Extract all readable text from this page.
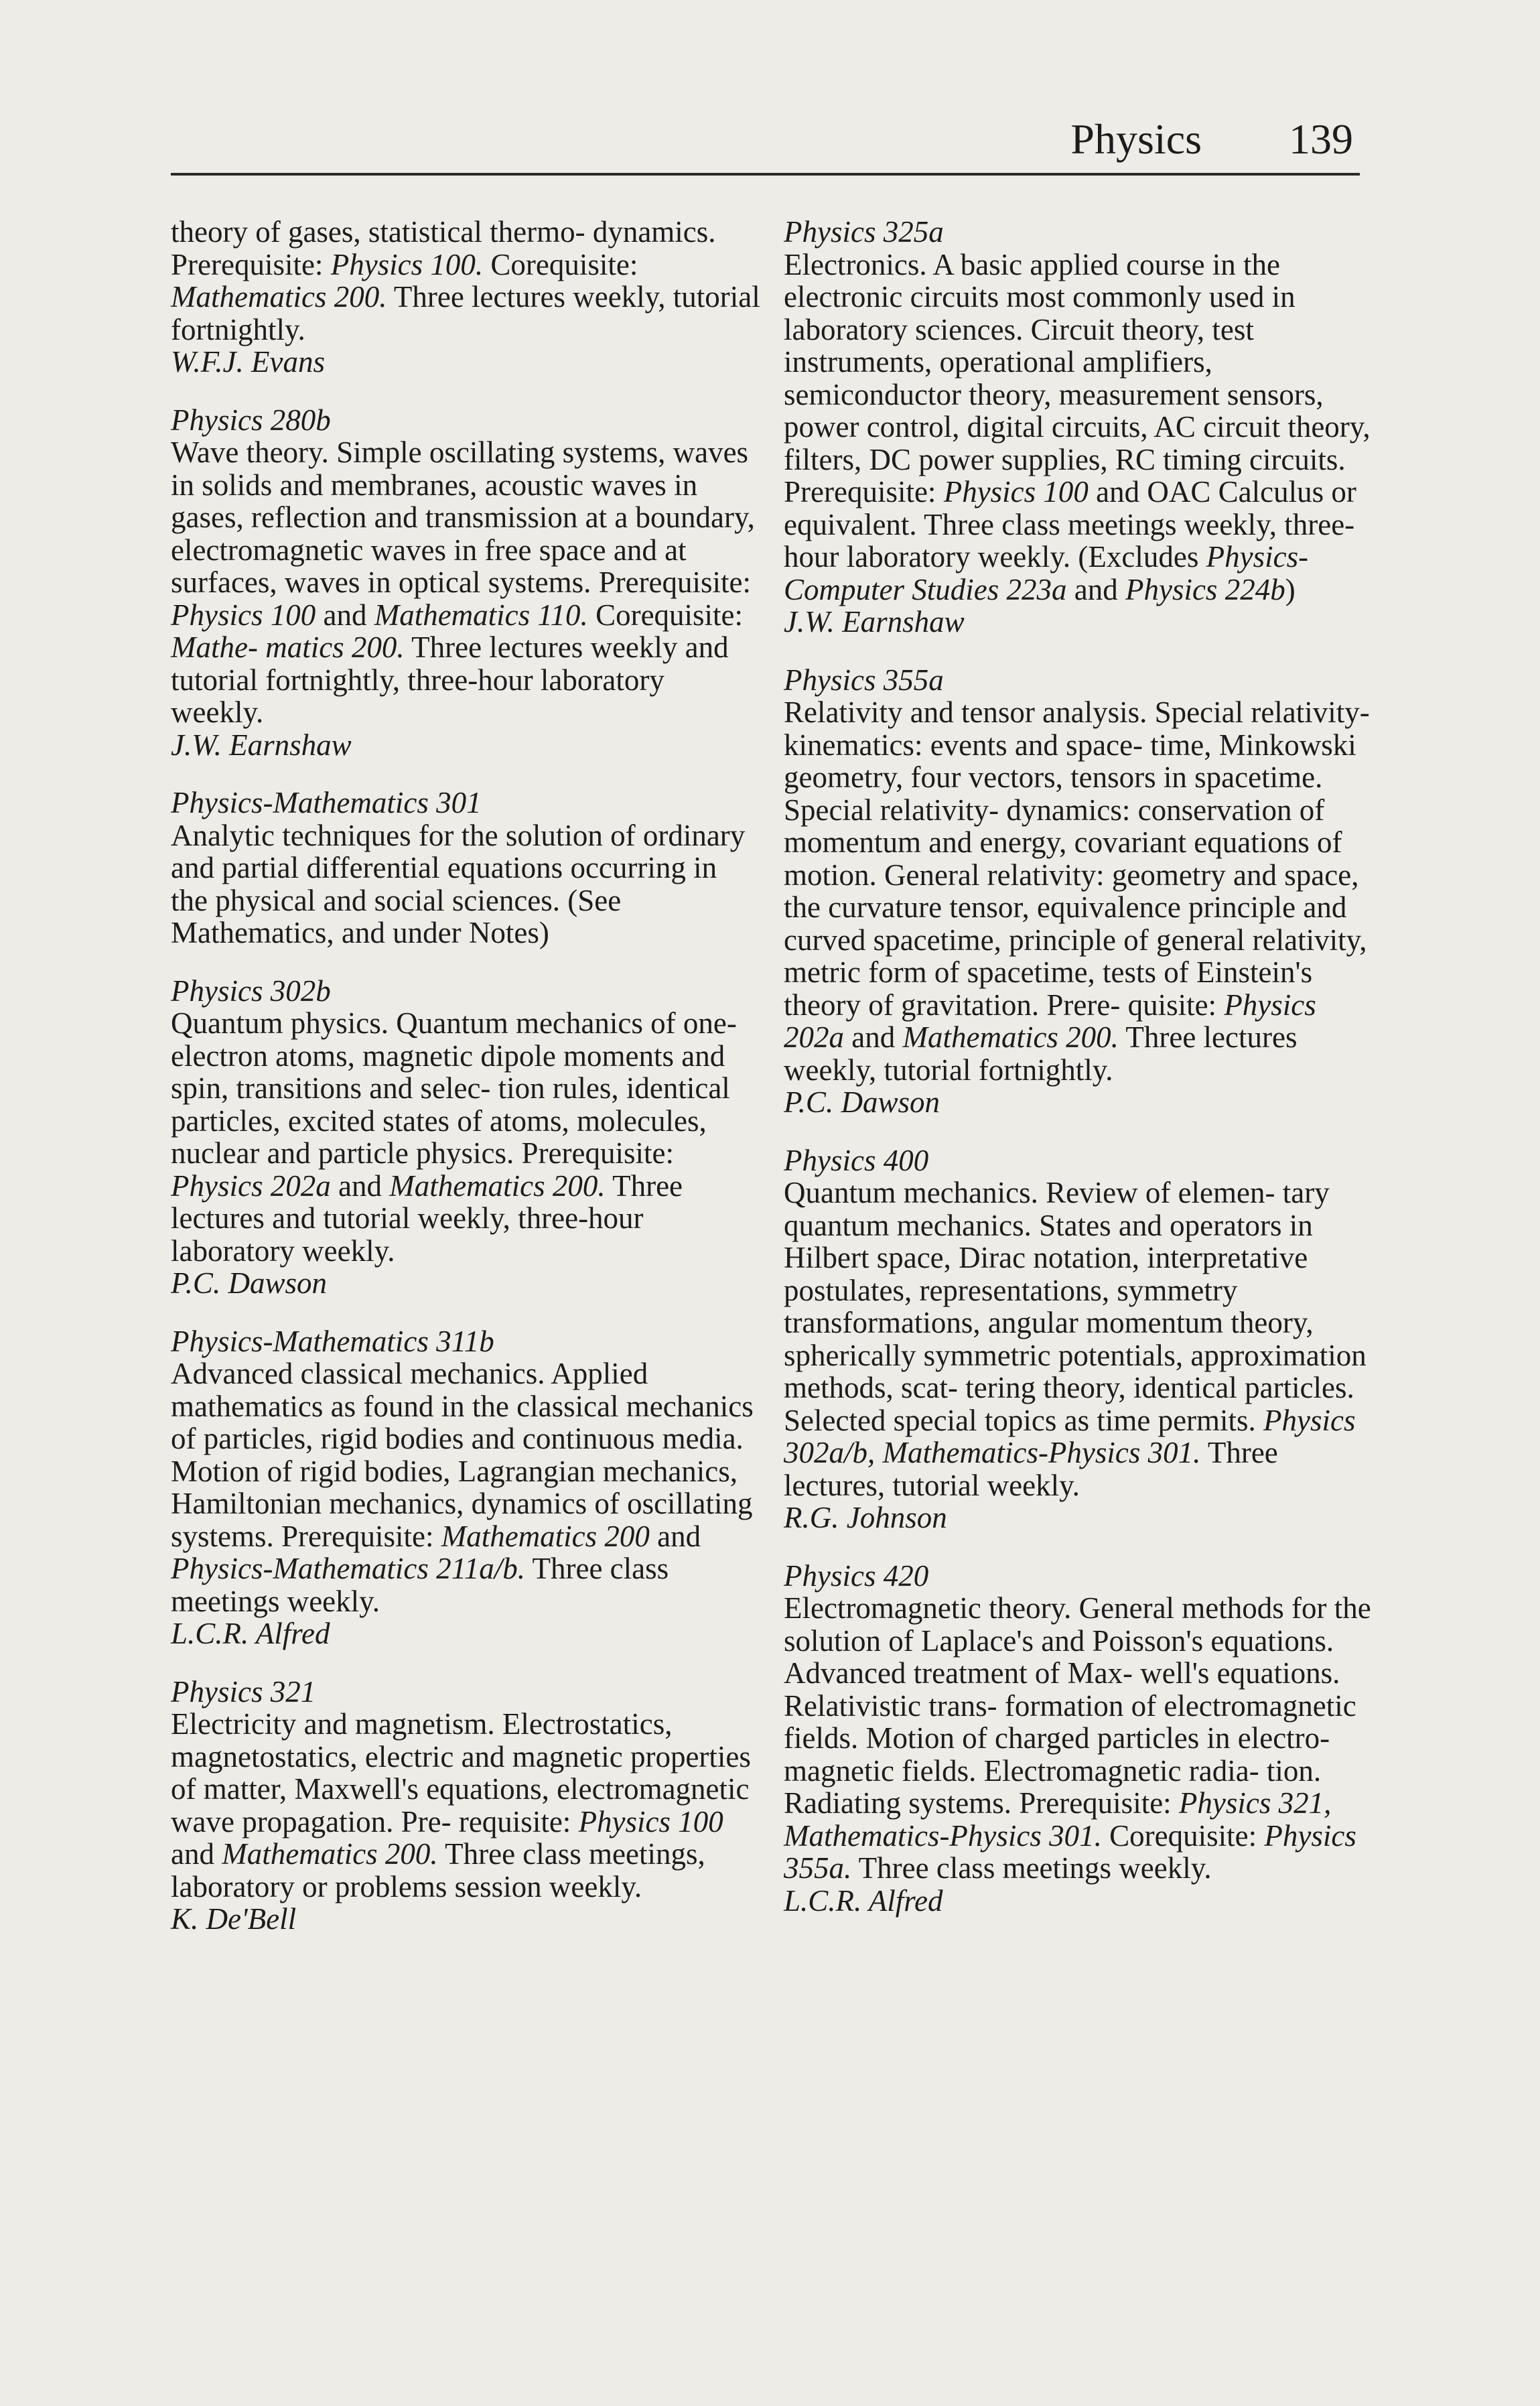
Physics 139

theory of gases, statistical thermo- dynamics. Prerequisite: Physics 100. Corequisite: Mathematics 200. Three lectures weekly, tutorial fortnightly.

W.F.J. Evans

Physics 280b

Wave theory. Simple oscillating systems, waves in solids and membranes, acoustic waves in gases, reflection and transmission at a boundary, electromagnetic waves in free space and at surfaces, waves in optical systems. Prerequisite: Physics 100 and Mathematics 110. Corequisite: Mathe- matics 200. Three lectures weekly and tutorial fortnightly, three-hour laboratory weekly.

J.W. Earnshaw

Physics-Mathematics 301

Analytic techniques for the solution of ordinary and partial differential equations occurring in the physical and social sciences. (See Mathematics, and under Notes)

Physics 302b

Quantum physics. Quantum mechanics of one-electron atoms, magnetic dipole moments and spin, transitions and selec- tion rules, identical particles, excited states of atoms, molecules, nuclear and particle physics. Prerequisite: Physics 202a and Mathematics 200. Three lectures and tutorial weekly, three-hour laboratory weekly.

P.C. Dawson

Physics-Mathematics 311b

Advanced classical mechanics. Applied mathematics as found in the classical mechanics of particles, rigid bodies and continuous media. Motion of rigid bodies, Lagrangian mechanics, Hamiltonian mechanics, dynamics of oscillating systems. Prerequisite: Mathematics 200 and Physics-Mathematics 211a/b. Three class meetings weekly.

L.C.R. Alfred

Physics 321

Electricity and magnetism. Electrostatics, magnetostatics, electric and magnetic properties of matter, Maxwell's equations, electromagnetic wave propagation. Pre- requisite: Physics 100 and Mathematics 200. Three class meetings, laboratory or problems session weekly.

K. De'Bell

Physics 325a

Electronics. A basic applied course in the electronic circuits most commonly used in laboratory sciences. Circuit theory, test instruments, operational amplifiers, semiconductor theory, measurement sensors, power control, digital circuits, AC circuit theory, filters, DC power supplies, RC timing circuits. Prerequisite: Physics 100 and OAC Calculus or equivalent. Three class meetings weekly, three-hour laboratory weekly. (Excludes Physics-Computer Studies 223a and Physics 224b)

J.W. Earnshaw

Physics 355a

Relativity and tensor analysis. Special relativity-kinematics: events and space- time, Minkowski geometry, four vectors, tensors in spacetime. Special relativity- dynamics: conservation of momentum and energy, covariant equations of motion. General relativity: geometry and space, the curvature tensor, equivalence principle and curved spacetime, principle of general relativity, metric form of spacetime, tests of Einstein's theory of gravitation. Prere- quisite: Physics 202a and Mathematics 200. Three lectures weekly, tutorial fortnightly.

P.C. Dawson

Physics 400

Quantum mechanics. Review of elemen- tary quantum mechanics. States and operators in Hilbert space, Dirac notation, interpretative postulates, representations, symmetry transformations, angular momentum theory, spherically symmetric potentials, approximation methods, scat- tering theory, identical particles. Selected special topics as time permits. Physics 302a/b, Mathematics-Physics 301. Three lectures, tutorial weekly.

R.G. Johnson

Physics 420

Electromagnetic theory. General methods for the solution of Laplace's and Poisson's equations. Advanced treatment of Max- well's equations. Relativistic trans- formation of electromagnetic fields. Motion of charged particles in electro- magnetic fields. Electromagnetic radia- tion. Radiating systems. Prerequisite: Physics 321, Mathematics-Physics 301. Corequisite: Physics 355a. Three class meetings weekly.

L.C.R. Alfred
